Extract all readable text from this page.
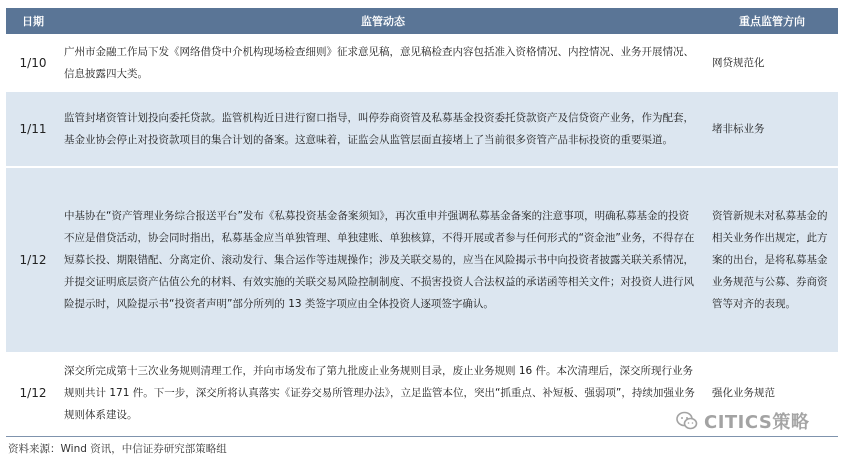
日期	监管动态	重点监管方向
1/10
广州市金融工作局下发《网络借贷中介机构现场检查细则》征求意见稿，意见稿检查内容包括准入资格情况、内控情况、业务开展情况、信息披露四大类。
网贷规范化
1/11
监管封堵资管计划投向委托贷款。监管机构近日进行窗口指导，叫停券商资管及私募基金投资委托贷款资产及信贷资产业务，作为配套，基金业协会停止对投资款项目的集合计划的备案。这意味着，证监会从监管层面直接堵上了当前很多资管产品非标投资的重要渠道。
堵非标业务
1/12
中基协在“资产管理业务综合报送平台”发布《私募投资基金备案须知》，再次重申并强调私募基金备案的注意事项，明确私募基金的投资不应是借贷活动，协会同时指出，私募基金应当单独管理、单独建账、单独核算，不得开展或者参与任何形式的“资金池”业务，不得存在短募长投、期限错配、分离定价、滚动发行、集合运作等违规操作；涉及关联交易的，应当在风险揭示书中向投资者披露关联关系情况，并提交证明底层资产估值公允的材料、有效实施的关联交易风险控制制度、不损害投资人合法权益的承诺函等相关文件；对投资人进行风险提示时，风险提示书“投资者声明”部分所列的 13 类签字项应由全体投资人逐项签字确认。
资管新规未对私募基金的相关业务作出规定，此方案的出台，是将私募基金业务规范与公募、券商资管等对齐的表现。
1/12
深交所完成第十三次业务规则清理工作，并向市场发布了第九批废止业务规则目录，废止业务规则 16 件。本次清理后，深交所现行业务规则共计 171 件。下一步，深交所将认真落实《证券交易所管理办法》，立足监管本位，突出“抓重点、补短板、强弱项”，持续加强业务规则体系建设。
强化业务规范
资料来源：Wind 资讯，中信证券研究部策略组
CITICS策略
